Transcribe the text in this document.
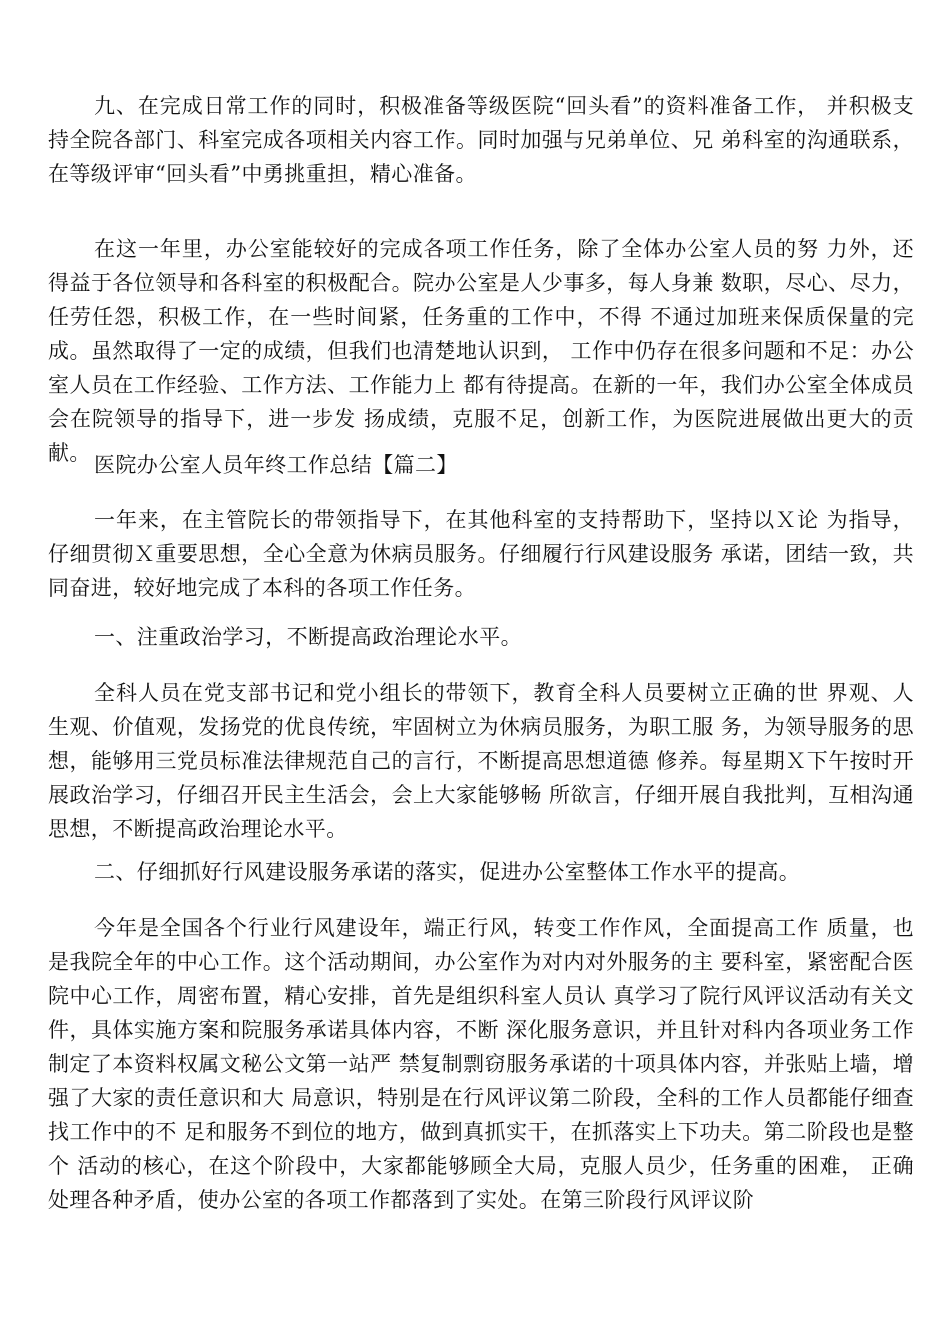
九、在完成日常工作的同时，积极准备等级医院“回头看”的资料准备工作， 并积极支持全院各部门、科室完成各项相关内容工作。同时加强与兄弟单位、兄 弟科室的沟通联系，在等级评审“回头看”中勇挑重担，精心准备。

在这一年里，办公室能较好的完成各项工作任务，除了全体办公室人员的努 力外，还得益于各位领导和各科室的积极配合。院办公室是人少事多，每人身兼 数职，尽心、尽力，任劳任怨，积极工作，在一些时间紧，任务重的工作中，不得 不通过加班来保质保量的完成。虽然取得了一定的成绩，但我们也清楚地认识到， 工作中仍存在很多问题和不足：办公室人员在工作经验、工作方法、工作能力上 都有待提高。在新的一年，我们办公室全体成员会在院领导的指导下，进一步发 扬成绩，克服不足，创新工作，为医院进展做出更大的贡献。 医院办公室人员年终工作总结【篇二】

一年来，在主管院长的带领指导下，在其他科室的支持帮助下，坚持以Ｘ论 为指导，仔细贯彻Ｘ重要思想，全心全意为休病员服务。仔细履行行风建设服务 承诺，团结一致，共同奋进，较好地完成了本科的各项工作任务。

一、注重政治学习，不断提高政治理论水平。

全科人员在党支部书记和党小组长的带领下，教育全科人员要树立正确的世 界观、人生观、价值观，发扬党的优良传统，牢固树立为休病员服务，为职工服 务，为领导服务的思想，能够用三党员标准法律规范自己的言行，不断提高思想道德 修养。每星期Ｘ下午按时开展政治学习，仔细召开民主生活会，会上大家能够畅 所欲言，仔细开展自我批判，互相沟通思想，不断提高政治理论水平。

二、仔细抓好行风建设服务承诺的落实，促进办公室整体工作水平的提高。

今年是全国各个行业行风建设年，端正行风，转变工作作风，全面提高工作 质量，也是我院全年的中心工作。这个活动期间，办公室作为对内对外服务的主 要科室，紧密配合医院中心工作，周密布置，精心安排，首先是组织科室人员认 真学习了院行风评议活动有关文件，具体实施方案和院服务承诺具体内容，不断 深化服务意识，并且针对科内各项业务工作制定了本资料权属文秘公文第一站严 禁复制剽窃服务承诺的十项具体内容，并张贴上墙，增强了大家的责任意识和大 局意识，特别是在行风评议第二阶段，全科的工作人员都能仔细查找工作中的不 足和服务不到位的地方，做到真抓实干，在抓落实上下功夫。第二阶段也是整个 活动的核心，在这个阶段中，大家都能够顾全大局，克服人员少，任务重的困难， 正确处理各种矛盾，使办公室的各项工作都落到了实处。在第三阶段行风评议阶
